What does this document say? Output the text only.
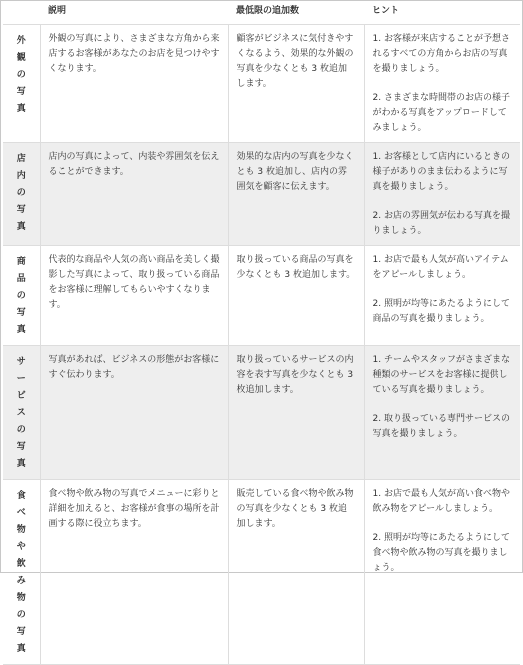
	説明	最低限の追加数	ヒント
外観の写真	外観の写真により、さまざまな方角から来店するお客様があなたのお店を見つけやすくなります。	顧客がビジネスに気付きやすくなるよう、効果的な外観の写真を少なくとも 3 枚追加します。	1. お客様が来店することが予想されるすべての方角からお店の写真を撮りましょう。

2. さまざまな時間帯のお店の様子がわかる写真をアップロードしてみましょう。

店内の写真	店内の写真によって、内装や雰囲気を伝えることができます。	効果的な店内の写真を少なくとも 3 枚追加し、店内の雰囲気を顧客に伝えます。	1. お客様として店内にいるときの様子がありのまま伝わるように写真を撮りましょう。

2. お店の雰囲気が伝わる写真を撮りましょう。

商品の写真	代表的な商品や人気の高い商品を美しく撮影した写真によって、取り扱っている商品をお客様に理解してもらいやすくなります。	取り扱っている商品の写真を少なくとも 3 枚追加します。	1. お店で最も人気が高いアイテムをアピールしましょう。

2. 照明が均等にあたるようにして商品の写真を撮りましょう。

サービスの写真	写真があれば、ビジネスの形態がお客様にすぐ伝わります。	取り扱っているサービスの内容を表す写真を少なくとも 3 枚追加します。	1. チームやスタッフがさまざまな種類のサービスをお客様に提供している写真を撮りましょう。

2. 取り扱っている専門サービスの写真を撮りましょう。

食べ物や飲み物の写真	食べ物や飲み物の写真でメニューに彩りと詳細を加えると、お客様が食事の場所を計画する際に役立ちます。	販売している食べ物や飲み物の写真を少なくとも 3 枚追加します。	1. お店で最も人気が高い食べ物や飲み物をアピールしましょう。

2. 照明が均等にあたるようにして食べ物や飲み物の写真を撮りましょう。
